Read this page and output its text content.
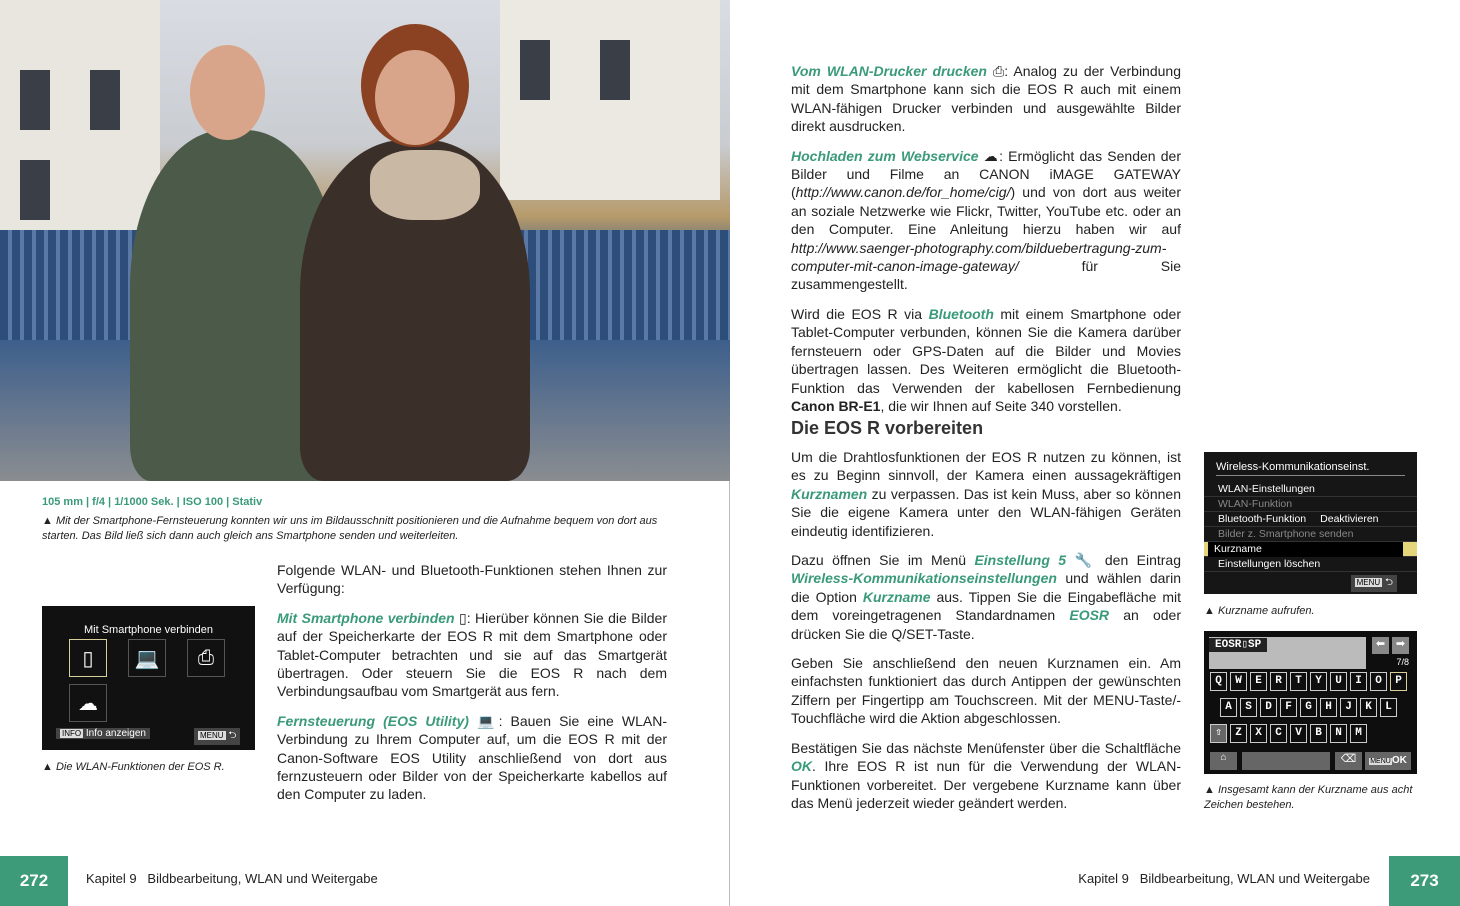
105 mm | f/4 | 1/1000 Sek. | ISO 100 | Stativ
▲ Mit der Smartphone-Fernsteuerung konnten wir uns im Bildausschnitt positionieren und die Aufnahme bequem von dort aus starten. Das Bild ließ sich dann auch gleich ans Smartphone senden und weiterleiten.
Mit Smartphone verbinden
▯	💻	⎙
☁
INFO Info anzeigen	MENU ⮌
▲ Die WLAN-Funktionen der EOS R.

Folgende WLAN- und Bluetooth-Funktionen stehen Ihnen zur Verfügung:

Mit Smartphone verbinden ▯: Hierüber können Sie die Bilder auf der Speicherkarte der EOS R mit dem Smartphone oder Tablet-Computer betrachten und sie auf das Smartgerät übertragen. Oder steuern Sie die EOS R nach dem Verbindungsaufbau vom Smartgerät aus fern.

Fernsteuerung (EOS Utility) 💻: Bauen Sie eine WLAN-Verbindung zu Ihrem Computer auf, um die EOS R mit der Canon-Software EOS Utility anschließend von dort aus fernzusteuern oder Bilder von der Speicherkarte kabellos auf den Computer zu laden.

272	Kapitel 9   Bildbearbeitung, WLAN und Weitergabe

Vom WLAN-Drucker drucken ⎙: Analog zu der Verbindung mit dem Smartphone kann sich die EOS R auch mit einem WLAN-fähigen Drucker verbinden und ausgewählte Bilder direkt ausdrucken.

Hochladen zum Webservice ☁: Ermöglicht das Senden der Bilder und Filme an CANON iMAGE GATEWAY (http://www.canon.de/for_home/cig/) und von dort aus weiter an soziale Netzwerke wie Flickr, Twitter, YouTube etc. oder an den Computer. Eine Anleitung hierzu haben wir auf http://www.saenger-photography.com/bilduebertragung-zum-computer-mit-canon-image-gateway/ für Sie zusammengestellt.

Wird die EOS R via Bluetooth mit einem Smartphone oder Tablet-Computer verbunden, können Sie die Kamera darüber fernsteuern oder GPS-Daten auf die Bilder und Movies übertragen lassen. Des Weiteren ermöglicht die Bluetooth-Funktion das Verwenden der kabellosen Fernbedienung Canon BR-E1, die wir Ihnen auf Seite 340 vorstellen.

Die EOS R vorbereiten

Um die Drahtlosfunktionen der EOS R nutzen zu können, ist es zu Beginn sinnvoll, der Kamera einen aussagekräftigen Kurznamen zu verpassen. Das ist kein Muss, aber so können Sie die eigene Kamera unter den WLAN-fähigen Geräten eindeutig identifizieren.

Dazu öffnen Sie im Menü Einstellung 5 🔧 den Eintrag Wireless-Kommunikationseinstellungen und wählen darin die Option Kurzname aus. Tippen Sie die Eingabefläche mit dem voreingetragenen Standardnamen EOSR an oder drücken Sie die Q/SET-Taste.

Geben Sie anschließend den neuen Kurznamen ein. Am einfachsten funktioniert das durch Antippen der gewünschten Ziffern per Fingertipp am Touchscreen. Mit der MENU-Taste/-Touchfläche wird die Aktion abgeschlossen.

Bestätigen Sie das nächste Menüfenster über die Schaltfläche OK. Ihre EOS R ist nun für die Verwendung der WLAN-Funktionen vorbereitet. Der vergebene Kurzname kann über das Menü jederzeit wieder geändert werden.

Wireless-Kommunikationseinst.
WLAN-Einstellungen
WLAN-Funktion
Bluetooth-Funktion Deaktivieren
Bilder z. Smartphone senden
Kurzname
Einstellungen löschen
MENU ⮌
▲ Kurzname aufrufen.
EOSR▯SP	⬅ ➡
7/8
Q W E R T Y U I O P
A S D F G H J K L
⇧ Z X C V B N M
⌂	⌫	MENUOK
▲ Insgesamt kann der Kurzname aus acht Zeichen bestehen.
Kapitel 9   Bildbearbeitung, WLAN und Weitergabe	273
